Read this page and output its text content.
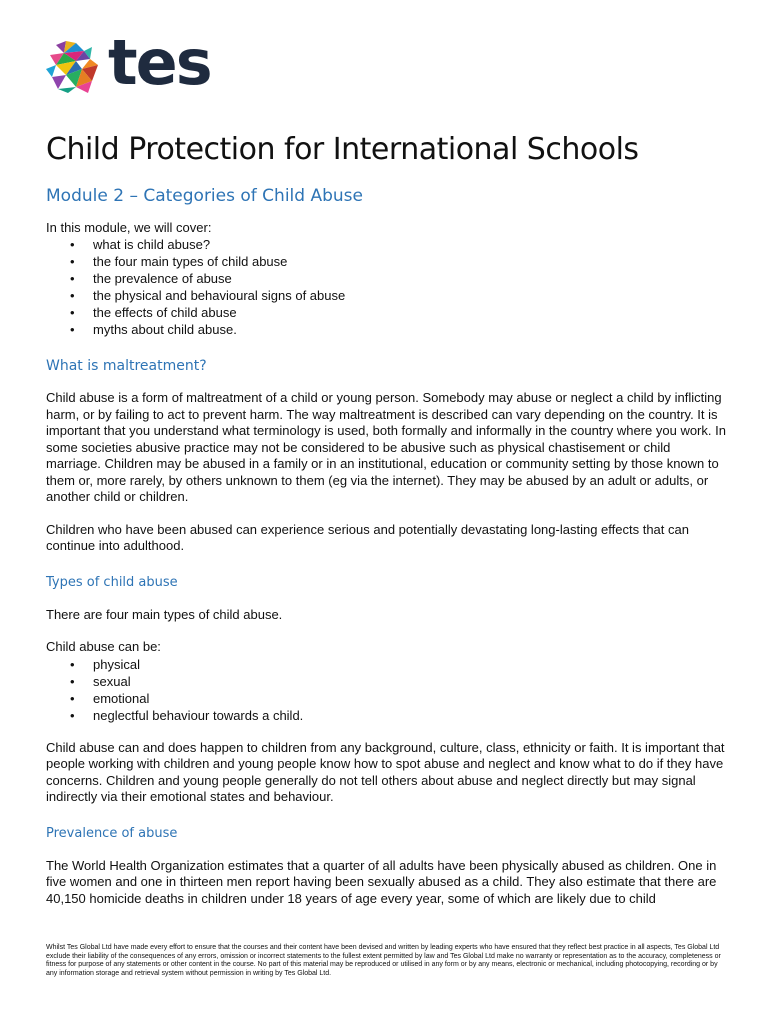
tes
Child Protection for International Schools
Module 2 – Categories of Child Abuse
In this module, we will cover:
• what is child abuse?
• the four main types of child abuse
• the prevalence of abuse
• the physical and behavioural signs of abuse
• the effects of child abuse
• myths about child abuse.
What is maltreatment?

Child abuse is a form of maltreatment of a child or young person. Somebody may abuse or neglect a child by inflicting harm, or by failing to act to prevent harm. The way maltreatment is described can vary depending on the country. It is important that you understand what terminology is used, both formally and informally in the country where you work. In some societies abusive practice may not be considered to be abusive such as physical chastisement or child marriage. Children may be abused in a family or in an institutional, education or community setting by those known to them or, more rarely, by others unknown to them (eg via the internet). They may be abused by an adult or adults, or another child or children.

Children who have been abused can experience serious and potentially devastating long-lasting effects that can continue into adulthood.

Types of child abuse

There are four main types of child abuse.

Child abuse can be:

• physical
• sexual
• emotional
• neglectful behaviour towards a child.

Child abuse can and does happen to children from any background, culture, class, ethnicity or faith. It is important that people working with children and young people know how to spot abuse and neglect and know what to do if they have concerns. Children and young people generally do not tell others about abuse and neglect directly but may signal indirectly via their emotional states and behaviour.

Prevalence of abuse

The World Health Organization estimates that a quarter of all adults have been physically abused as children. One in five women and one in thirteen men report having been sexually abused as a child. They also estimate that there are 40,150 homicide deaths in children under 18 years of age every year, some of which are likely due to child

Whilst Tes Global Ltd have made every effort to ensure that the courses and their content have been devised and written by leading experts who have ensured that they reflect best practice in all aspects, Tes Global Ltd exclude their liability of the consequences of any errors, omission or incorrect statements to the fullest extent permitted by law and Tes Global Ltd make no warranty or representation as to the accuracy, completeness or fitness for purpose of any statements or other content in the course. No part of this material may be reproduced or utilised in any form or by any means, electronic or mechanical, including photocopying, recording or by any information storage and retrieval system without permission in writing by Tes Global Ltd.
